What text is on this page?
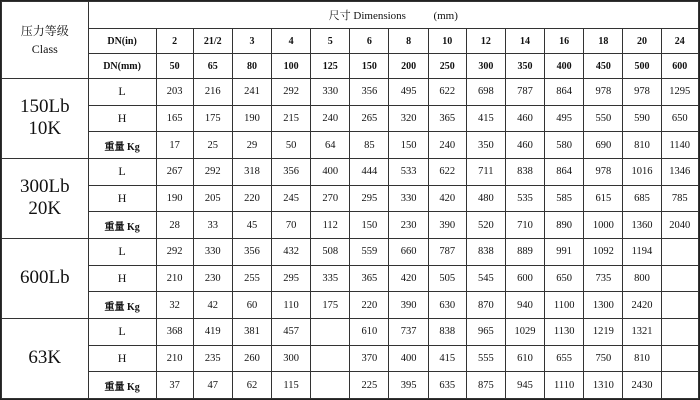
压力等级
Class	尺寸 Dimensions          (mm)														
	DN(in)	2	21/2	3	4	5	6	8	10	12	14	16	18	20	24
	DN(mm)	50	65	80	100	125	150	200	250	300	350	400	450	500	600

150Lb
10K	L	203	216	241	292	330	356	495	622	698	787	864	978	978	1295
	H	165	175	190	215	240	265	320	365	415	460	495	550	590	650
	重量 Kg	17	25	29	50	64	85	150	240	350	460	580	690	810	1140

300Lb
20K	L	267	292	318	356	400	444	533	622	711	838	864	978	1016	1346
	H	190	205	220	245	270	295	330	420	480	535	585	615	685	785
	重量 Kg	28	33	45	70	112	150	230	390	520	710	890	1000	1360	2040

600Lb	L	292	330	356	432	508	559	660	787	838	889	991	1092	1194	
	H	210	230	255	295	335	365	420	505	545	600	650	735	800	
	重量 Kg	32	42	60	110	175	220	390	630	870	940	1100	1300	2420	

63K	L	368	419	381	457		610	737	838	965	1029	1130	1219	1321	
	H	210	235	260	300		370	400	415	555	610	655	750	810	
	重量 Kg	37	47	62	115		225	395	635	875	945	1110	1310	2430	
